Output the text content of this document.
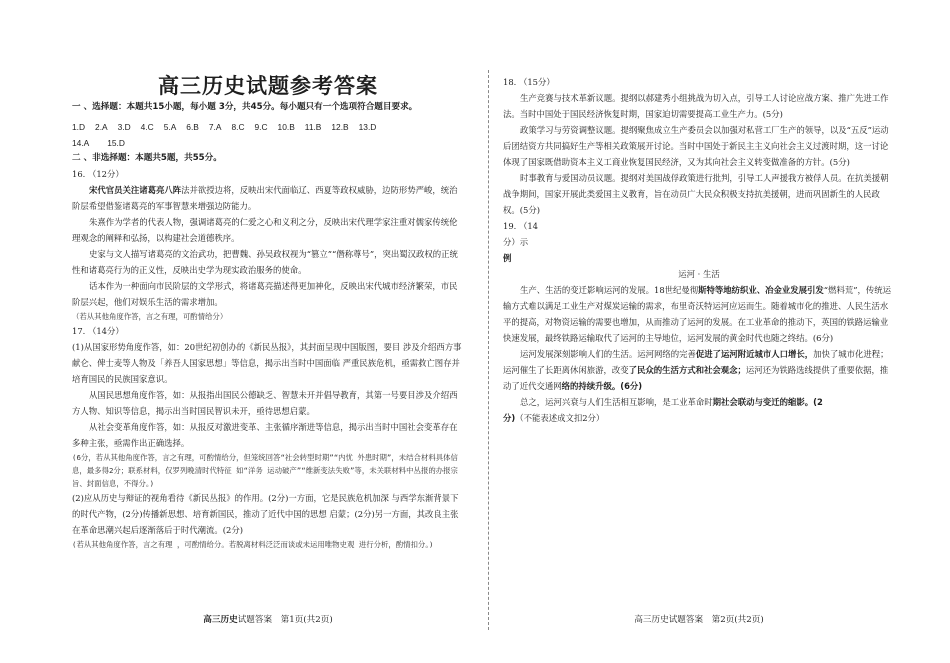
高三历史试题参考答案
一 、选择题：本题共15小题，每小题 3分，共45分。每小题只有一个选项符合题目要求。
1.D 2.A 3.D 4.C 5.A 6.B 7.A 8.C 9.C 10.B 11.B 12.B 13.D
14.A 15.D
二 、非选择题：本题共5题，共55分。
16. （12分）

宋代官员关注诸葛亮八阵法并欲授边将，反映出宋代面临辽、西夏等政权威胁，边防形势严峻，统治阶层希望借鉴诸葛亮的军事智慧来增强边防能力。

朱熹作为学者的代表人物，强调诸葛亮的仁爱之心和义利之分，反映出宋代理学家注重对儒家传统伦理观念的阐释和弘扬，以构建社会道德秩序。

史家与文人描写诸葛亮的文治武功，把曹魏、孙吴政权视为“篡立”“僭称尊号”，突出蜀汉政权的正统性和诸葛亮行为的正义性，反映出史学为现实政治服务的使命。

话本作为一种面向市民阶层的文学形式，将诸葛亮描述得更加神化，反映出宋代城市经济繁荣，市民阶层兴起，他们对娱乐生活的需求增加。

（若从其他角度作答，言之有理，可酌情给分）

17. （14分）

(1)从国家形势角度作答，如：20世纪初创办的《新民丛报》，其封面呈现中国版图，要目 涉及介绍西方事献仑、俾士麦等人物及「养吾人国家思想」等信息，揭示出当时中国面临 严重民族危机，亟需救亡图存并培育国民的民族国家意识。

从国民思想角度作答，如：从报指出国民公德缺乏、智慧未开并倡导教育，其第一号要目涉及介绍西方人物、知识等信息，揭示出当时国民智识未开，亟待思想启蒙。

从社会变革角度作答，如：从报反对激进变革、主张循序渐进等信息，揭示出当时中国社会变革存在多种主张，亟需作出正确选择。

(6分，若从其他角度作答，言之有理，可酌情给分，但笼统回答“社会转型时期”“内忧 外患时期”，未结合材料具体信息，最多得2分；联系材料，仅罗列晚清时代特征 如“洋务 运动破产”“维新变法失败”等，未关联材料中丛报的办报宗旨、封面信息，不得分。)

(2)应从历史与辩证的视角看待《新民丛报》的作用。(2分)一方面，它是民族危机加深 与西学东渐背景下的时代产物，(2分)传播新思想、培育新国民，推动了近代中国的思想 启蒙；(2分)另一方面，其改良主张在革命思潮兴起后逐渐落后于时代潮流。(2分)

(若从其他角度作答，言之有理 ，可酌情给分。若脱离材料泛泛而谈或未运用唯物史观 进行分析，酌情扣分。)

高三历史试题答案　第1页(共2页)
18. （15分）

生产竞赛与技术革新议题。提纲以郝建秀小组挑战为切入点，引导工人讨论应战方案、推广先进工作法。当时中国处于国民经济恢复时期，国家迫切需要提高工业生产力。(5分)

政策学习与劳资调整议题。提纲聚焦成立生产委员会以加强对私营工厂生产的领导，以及“五反”运动后团结资方共同搞好生产等相关政策展开讨论。当时中国处于新民主主义向社会主义过渡时期，这一讨论体现了国家既借助资本主义工商业恢复国民经济，又为其向社会主义转变做准备的方针。(5分)

时事教育与爱国动员议题。提纲对美国战俘政策进行批判，引导工人声援我方被俘人员。在抗美援朝战争期间，国家开展此类爱国主义教育，旨在动员广大民众积极支持抗美援朝，进而巩固新生的人民政权。(5分)

19. （14
分）示
例
运河 · 生活

生产、生活的变迁影响运河的发展。18世纪曼彻斯特等地纺织业、冶金业发展引发“燃料荒”，传统运输方式难以满足工业生产对煤炭运输的需求，布里奇沃特运河应运而生。随着城市化的推进、人民生活水平的提高，对物资运输的需要也增加，从而推动了运河的发展。在工业革命的推动下，英国的铁路运输业快速发展，最终铁路运输取代了运河的主导地位，运河发展的黄金时代也随之终结。(6分)

运河发展深刻影响人们的生活。运河网络的完善促进了运河附近城市人口增长，加快了城市化进程；运河催生了长距离休闲旅游，改变了民众的生活方式和社会观念；运河还为铁路选线提供了重要依据，推动了近代交通网络的持续升级。(6分)

总之，运河兴衰与人们生活相互影响，是工业革命时期社会联动与变迁的缩影。(2

分)（不能表述成文扣2分）

高三历史试题答案　第2页(共2页)
